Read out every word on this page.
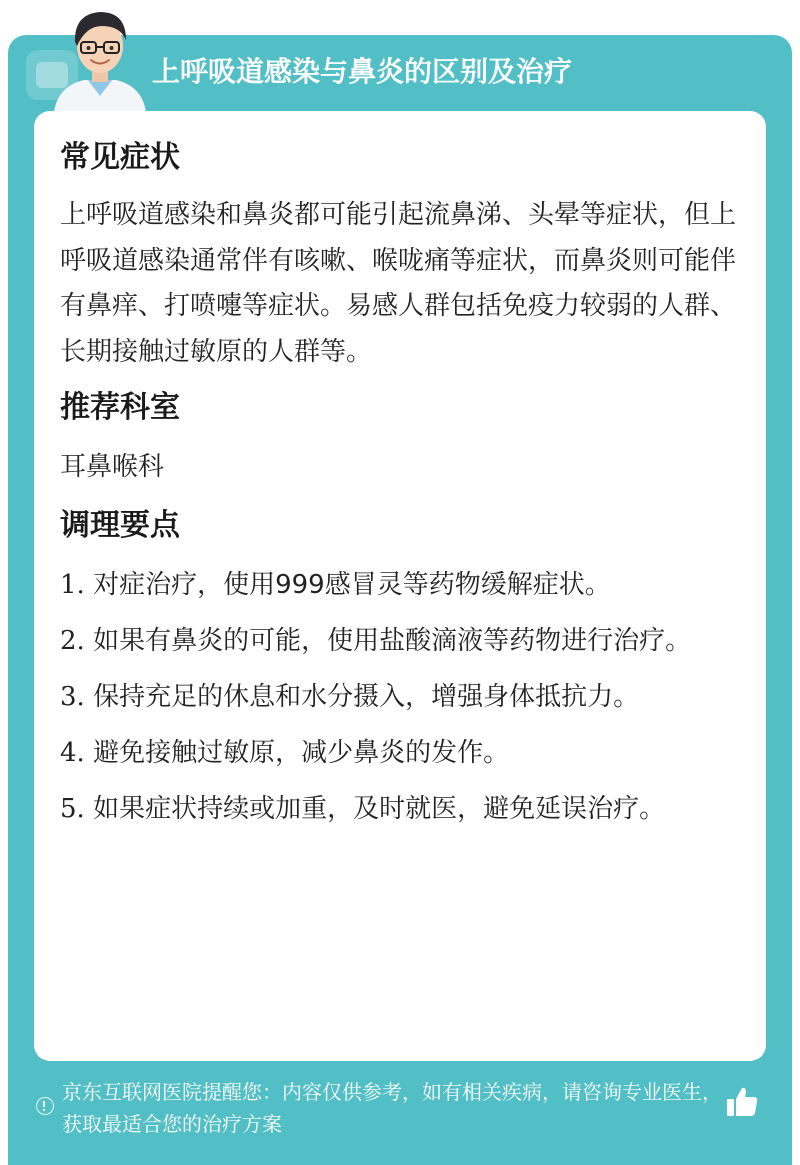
上呼吸道感染与鼻炎的区别及治疗
常见症状

上呼吸道感染和鼻炎都可能引起流鼻涕、头晕等症状，但上呼吸道感染通常伴有咳嗽、喉咙痛等症状，而鼻炎则可能伴有鼻痒、打喷嚏等症状。易感人群包括免疫力较弱的人群、长期接触过敏原的人群等。

推荐科室

耳鼻喉科

调理要点
1. 对症治疗，使用999感冒灵等药物缓解症状。
2. 如果有鼻炎的可能，使用盐酸滴液等药物进行治疗。
3. 保持充足的休息和水分摄入，增强身体抵抗力。
4. 避免接触过敏原，减少鼻炎的发作。
5. 如果症状持续或加重，及时就医，避免延误治疗。
京东互联网医院提醒您：内容仅供参考，如有相关疾病，请咨询专业医生，获取最适合您的治疗方案
